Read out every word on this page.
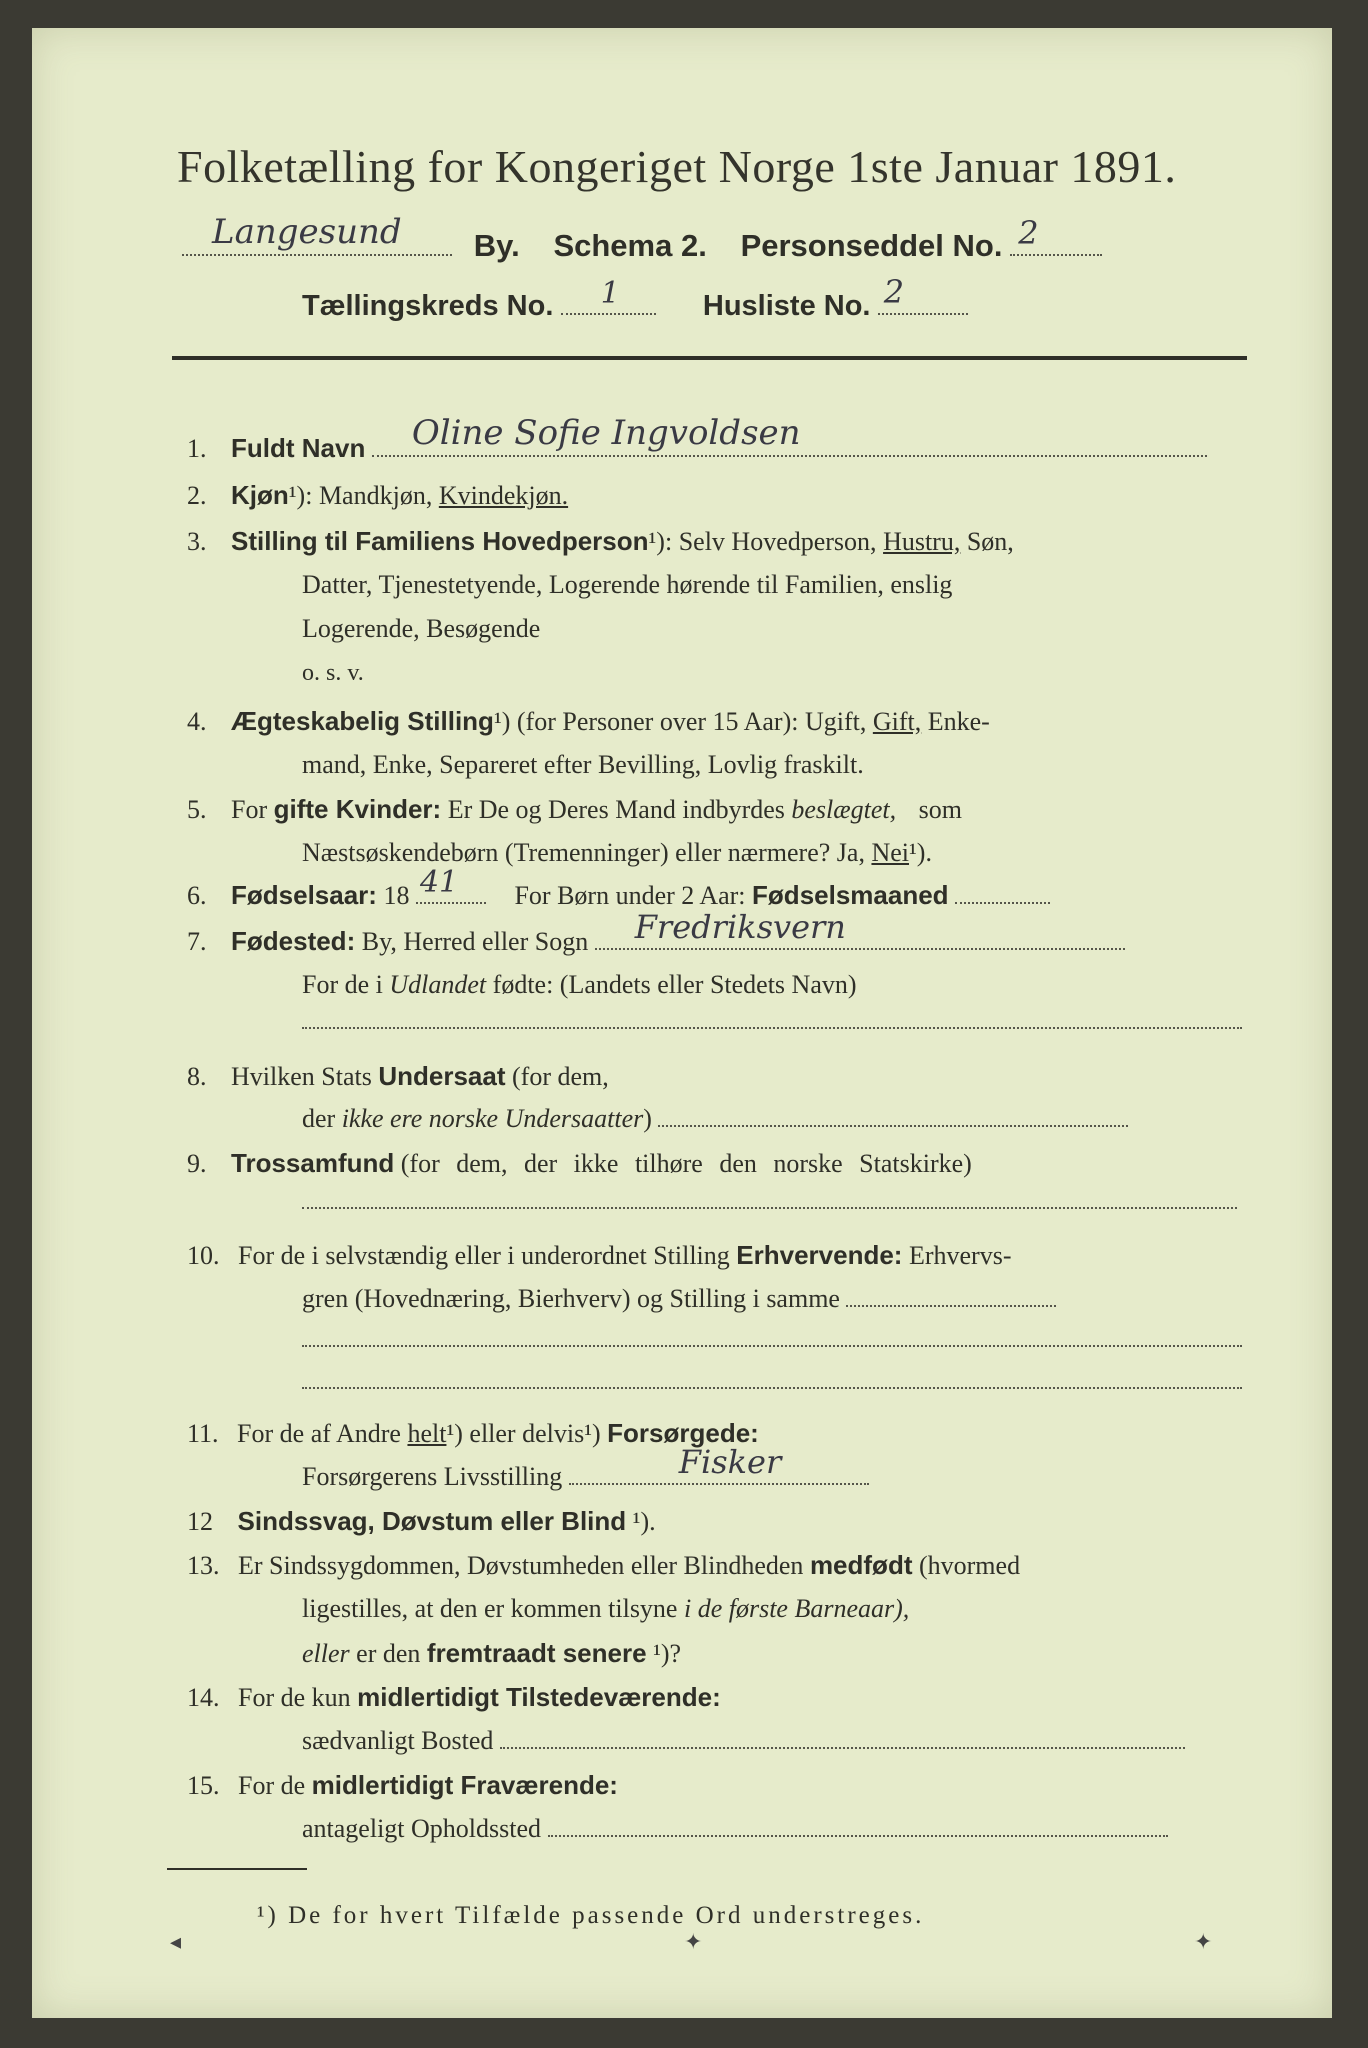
Folketælling for Kongeriget Norge 1ste Januar 1891.
Langesund By. Schema 2. Personseddel No. 2
Tællingskreds No. 1	Husliste No. 2
1. Fuldt Navn Oline Sofie Ingvoldsen
2. Kjøn¹): Mandkjøn, Kvindekjøn.
3. Stilling til Familiens Hovedperson¹): Selv Hovedperson, Hustru, Søn,
Datter, Tjenestetyende, Logerende hørende til Familien, enslig
Logerende, Besøgende
o. s. v.
4. Ægteskabelig Stilling¹) (for Personer over 15 Aar): Ugift, Gift, Enke-
mand, Enke, Separeret efter Bevilling, Lovlig fraskilt.
5. For gifte Kvinder: Er De og Deres Mand indbyrdes beslægtet, som
Næstsøskendebørn (Tremenninger) eller nærmere? Ja, Nei¹).
6. Fødselsaar: 18 41 For Børn under 2 Aar: Fødselsmaaned
7. Fødested: By, Herred eller Sogn Fredriksvern
For de i Udlandet fødte: (Landets eller Stedets Navn)
8. Hvilken Stats Undersaat (for dem,
der ikke ere norske Undersaatter)
9. Trossamfund (for dem, der ikke tilhøre den norske Statskirke)
10. For de i selvstændig eller i underordnet Stilling Erhvervende: Erhvervs-
gren (Hovednæring, Bierhverv) og Stilling i samme
11. For de af Andre helt¹) eller delvis¹) Forsørgede:
Forsørgerens Livsstilling	Fisker
12 Sindssvag, Døvstum eller Blind ¹).
13. Er Sindssygdommen, Døvstumheden eller Blindheden medfødt (hvormed
ligestilles, at den er kommen tilsyne i de første Barneaar),
eller er den fremtraadt senere ¹)?
14. For de kun midlertidigt Tilstedeværende:
sædvanligt Bosted
15. For de midlertidigt Fraværende:
antageligt Opholdssted
¹) De for hvert Tilfælde passende Ord understreges.
◂	✦	✦
